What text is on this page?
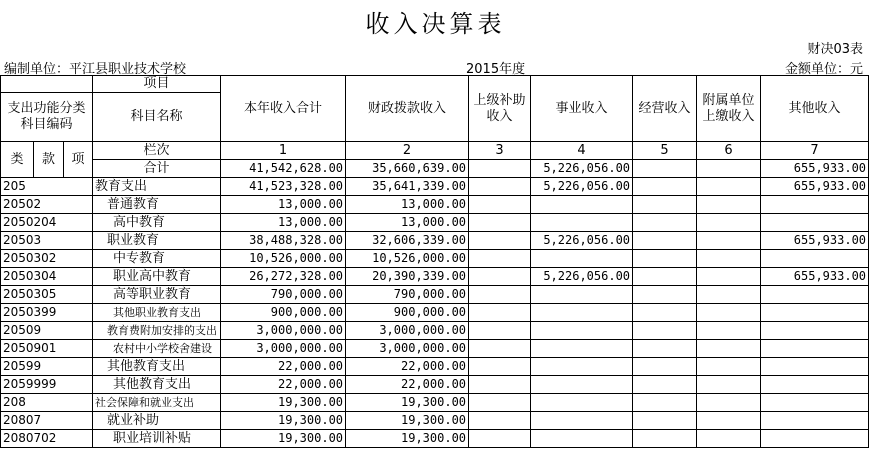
收入决算表
财决03表
编制单位：平江县职业技术学校	2015年度	金额单位：元
			项目	本年收入合计	财政拨款收入	上级补助收入	事业收入	经营收入	附属单位上缴收入	其他收入
支出功能分类科目编码			科目名称							

类	款	项	栏次	1	2	3	4	5	6	7
			合计	41,542,628.00	35,660,639.00		5,226,056.00			655,933.00
205			教育支出	41,523,328.00	35,641,339.00		5,226,056.00			655,933.00
20502			普通教育	13,000.00	13,000.00					
2050204			高中教育	13,000.00	13,000.00					
20503			职业教育	38,488,328.00	32,606,339.00		5,226,056.00			655,933.00
2050302			中专教育	10,526,000.00	10,526,000.00					
2050304			职业高中教育	26,272,328.00	20,390,339.00		5,226,056.00			655,933.00
2050305			高等职业教育	790,000.00	790,000.00					
2050399			其他职业教育支出	900,000.00	900,000.00					
20509			教育费附加安排的支出	3,000,000.00	3,000,000.00					
2050901			农村中小学校舍建设	3,000,000.00	3,000,000.00					
20599			其他教育支出	22,000.00	22,000.00					
2059999			其他教育支出	22,000.00	22,000.00					
208			社会保障和就业支出	19,300.00	19,300.00					
20807			就业补助	19,300.00	19,300.00					
2080702			职业培训补贴	19,300.00	19,300.00					
